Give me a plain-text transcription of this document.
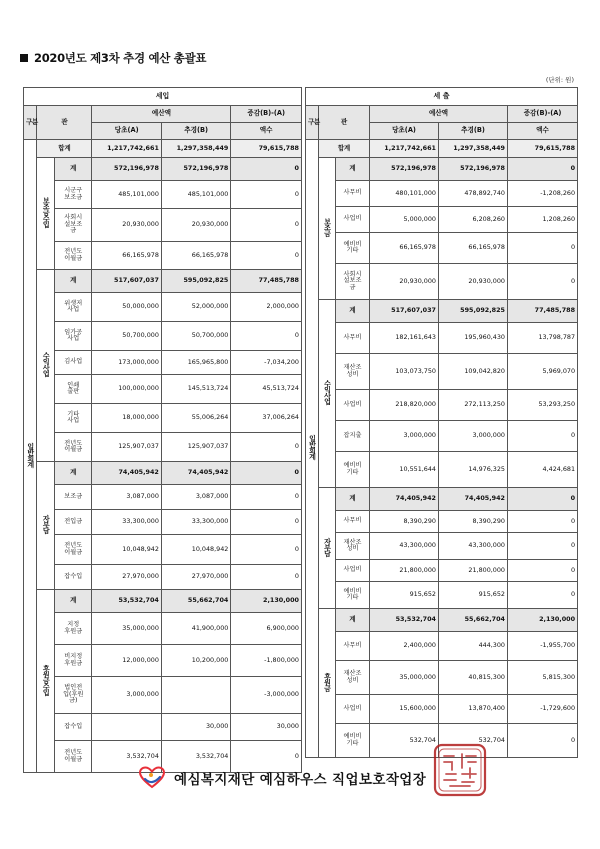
2020년도 제3차 추경 예산 총괄표
(단위: 원)
세입					
구분	관		예산액		증감(B)-(A)
			당초(A)	추경(B)	액수
일반회계	합계		1,217,742,661	1,297,358,449	79,615,788
	보조금수입	계	572,196,978	572,196,978	0
		시군구
보조금	485,101,000	485,101,000	0
		사회시
설보조
금	20,930,000	20,930,000	0
		전년도
이월금	66,165,978	66,165,978	0
	수익사업	계	517,607,037	595,092,825	77,485,788
		위생저
사업	50,000,000	52,000,000	2,000,000
		임가공
사업	50,700,000	50,700,000	0
		김사업	173,000,000	165,965,800	-7,034,200
		인쇄
출판	100,000,000	145,513,724	45,513,724
		기타
사업	18,000,000	55,006,264	37,006,264
		전년도
이월금	125,907,037	125,907,037	0
	자부담	계	74,405,942	74,405,942	0
		보조금	3,087,000	3,087,000	0
		전입금	33,300,000	33,300,000	0
		전년도
이월금	10,048,942	10,048,942	0
		잡수입	27,970,000	27,970,000	0
	후원금수입	계	53,532,704	55,662,704	2,130,000
		지정
후원금	35,000,000	41,900,000	6,900,000
		비지정
후원금	12,000,000	10,200,000	-1,800,000
		법인전
입(후원
금)	3,000,000		-3,000,000
		잡수입		30,000	30,000
		전년도
이월금	3,532,704	3,532,704	0
세 출					
구분	관		예산액		증감(B)-(A)
			당초(A)	추경(B)	액수
일반회계	합계		1,217,742,661	1,297,358,449	79,615,788
	보조금	계	572,196,978	572,196,978	0
		사무비	480,101,000	478,892,740	-1,208,260
		사업비	5,000,000	6,208,260	1,208,260
		예비비
기타	66,165,978	66,165,978	0
		사회시
설보조
금	20,930,000	20,930,000	0
	수익사업	계	517,607,037	595,092,825	77,485,788
		사무비	182,161,643	195,960,430	13,798,787
		재산조
성비	103,073,750	109,042,820	5,969,070
		사업비	218,820,000	272,113,250	53,293,250
		잡지출	3,000,000	3,000,000	0
		예비비
기타	10,551,644	14,976,325	4,424,681
	자부담	계	74,405,942	74,405,942	0
		사무비	8,390,290	8,390,290	0
		재산조
성비	43,300,000	43,300,000	0
		사업비	21,800,000	21,800,000	0
		예비비
기타	915,652	915,652	0
	후원금	계	53,532,704	55,662,704	2,130,000
		사무비	2,400,000	444,300	-1,955,700
		재산조
성비	35,000,000	40,815,300	5,815,300
		사업비	15,600,000	13,870,400	-1,729,600
		예비비
기타	532,704	532,704	0
예심복지재단 예심하우스 직업보호작업장
